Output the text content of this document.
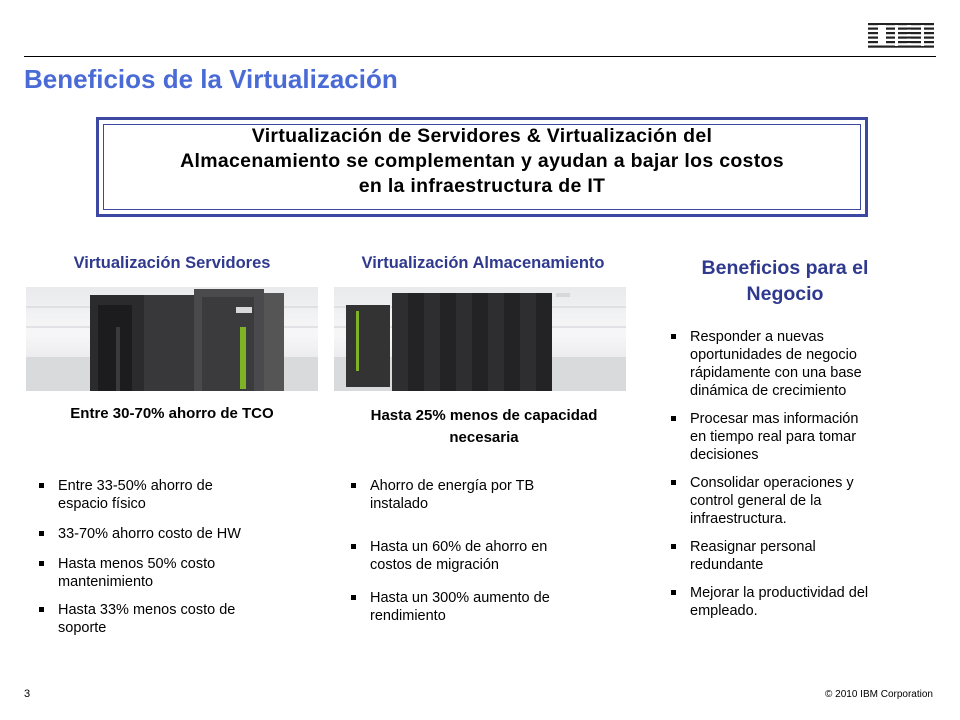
Beneficios de la Virtualización
Virtualización de Servidores & Virtualización del
Almacenamiento se complementan y ayudan a bajar los costos
en la infraestructura de IT
Virtualización Servidores
Entre 30-70% ahorro de TCO
Entre 33-50% ahorro de
espacio físico
33-70% ahorro costo de HW
Hasta menos 50% costo
mantenimiento
Hasta 33% menos costo de
soporte
Virtualización Almacenamiento
Hasta 25% menos de capacidad
necesaria
Ahorro de energía por TB
instalado
Hasta un 60% de ahorro en
costos de migración
Hasta un 300% aumento de
rendimiento
Beneficios para el
Negocio
Responder a nuevas
oportunidades de negocio
rápidamente con una base
dinámica de crecimiento
Procesar mas información
en tiempo real para tomar
decisiones
Consolidar operaciones y
control general de la
infraestructura.
Reasignar personal
redundante
Mejorar la productividad del
empleado.
3	© 2010 IBM Corporation
